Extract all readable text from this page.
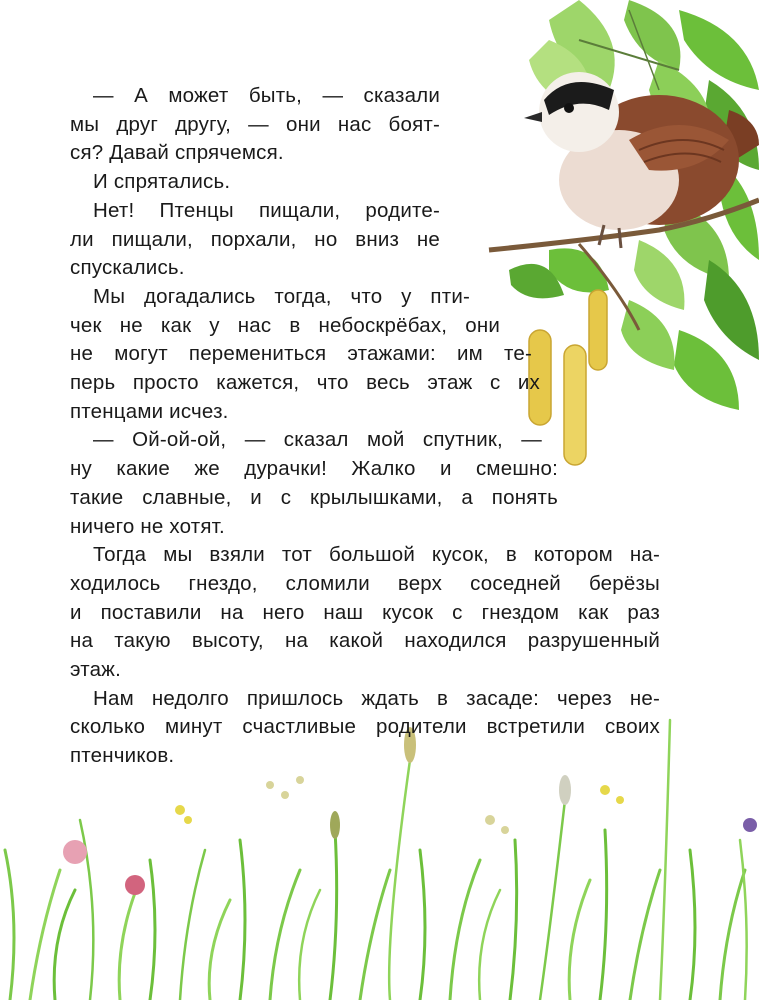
— А может быть, — сказали
мы друг другу, — они нас боят-
ся? Давай спрячемся.

И спрятались.

Нет! Птенцы пищали, родите-
ли пищали, порхали, но вниз не
спускались.

Мы догадались тогда, что у пти-
чек не как у нас в небоскрёбах, они
не могут перемениться этажами: им те-
перь просто кажется, что весь этаж с их
птенцами исчез.

— Ой-ой-ой, — сказал мой спутник, —
ну какие же дурачки! Жалко и смешно:
такие славные, и с крылышками, а понять
ничего не хотят.

Тогда мы взяли тот большой кусок, в котором на-
ходилось гнездо, сломили верх соседней берёзы
и поставили на него наш кусок с гнездом как раз
на такую высоту, на какой находился разрушенный
этаж.

Нам недолго пришлось ждать в засаде: через не-
сколько минут счастливые родители встретили своих
птенчиков.
